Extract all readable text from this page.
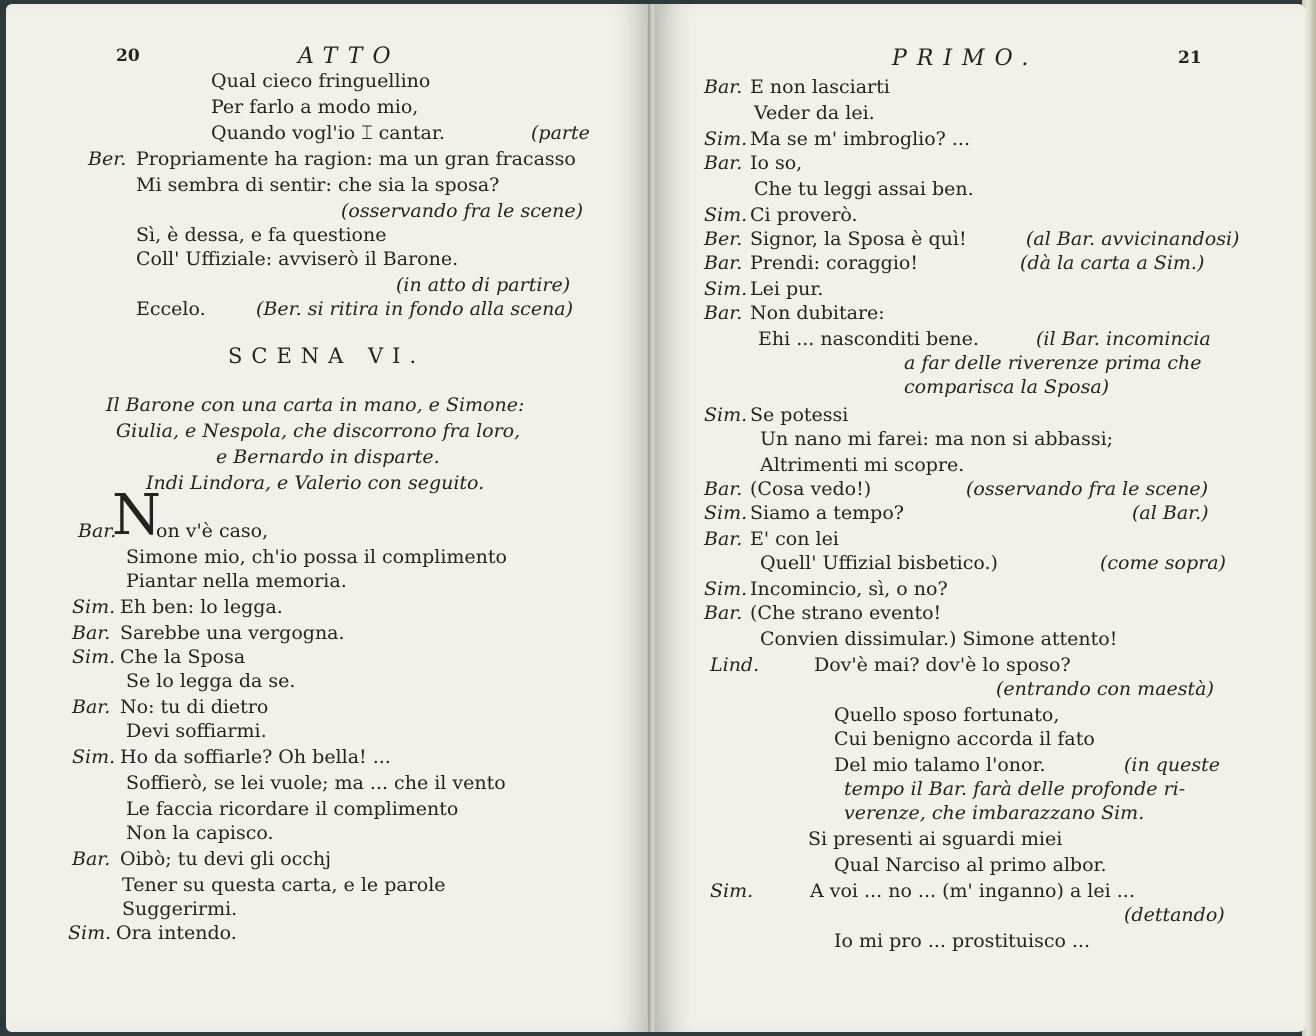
20	ATTO
Qual cieco fringuellino
Per farlo a modo mio,
Quando vogl'io ⌶ cantar.	(parte
Ber. Propriamente ha ragion: ma un gran fracasso
Mi sembra di sentir: che sia la sposa?
(osservando fra le scene)
Sì, è dessa, e fa questione
Coll' Uffiziale: avviserò il Barone.
(in atto di partire)
Eccelo.	(Ber. si ritira in fondo alla scena)
SCENA VI.
Il Barone con una carta in mano, e Simone:
Giulia, e Nespola, che discorrono fra loro,
e Bernardo in disparte.
Indi Lindora, e Valerio con seguito.
N
Bar. on v'è caso,
Simone mio, ch'io possa il complimento
Piantar nella memoria.
Sim. Eh ben: lo legga.
Bar. Sarebbe una vergogna.
Sim. Che la Sposa
Se lo legga da se.
Bar. No: tu di dietro
Devi soffiarmi.
Sim. Ho da soffiarle? Oh bella! ...
Soffierò, se lei vuole; ma ... che il vento
Le faccia ricordare il complimento
Non la capisco.
Bar. Oibò; tu devi gli occhj
Tener su questa carta, e le parole
Suggerirmi.
Sim. Ora intendo.
PRIMO.	21
Bar. E non lasciarti
Veder da lei.
Sim. Ma se m' imbroglio? ...
Bar. Io so,
Che tu leggi assai ben.
Sim. Ci proverò.
Ber. Signor, la Sposa è quì!	(al Bar. avvicinandosi)
Bar. Prendi: coraggio!	(dà la carta a Sim.)
Sim. Lei pur.
Bar. Non dubitare:
Ehi ... nasconditi bene.	(il Bar. incomincia
a far delle riverenze prima che
comparisca la Sposa)
Sim. Se potessi
Un nano mi farei: ma non si abbassi;
Altrimenti mi scopre.
Bar. (Cosa vedo!)	(osservando fra le scene)
Sim. Siamo a tempo?	(al Bar.)
Bar. E' con lei
Quell' Uffizial bisbetico.)	(come sopra)
Sim. Incomincio, sì, o no?
Bar. (Che strano evento!
Convien dissimular.) Simone attento!
Lind.	Dov'è mai? dov'è lo sposo?
(entrando con maestà)
Quello sposo fortunato,
Cui benigno accorda il fato
Del mio talamo l'onor.	(in queste
tempo il Bar. farà delle profonde ri-
verenze, che imbarazzano Sim.
Si presenti ai sguardi miei
Qual Narciso al primo albor.
Sim.	A voi ... no ... (m' inganno) a lei ...
(dettando)
Io mi pro ... prostituisco ...
